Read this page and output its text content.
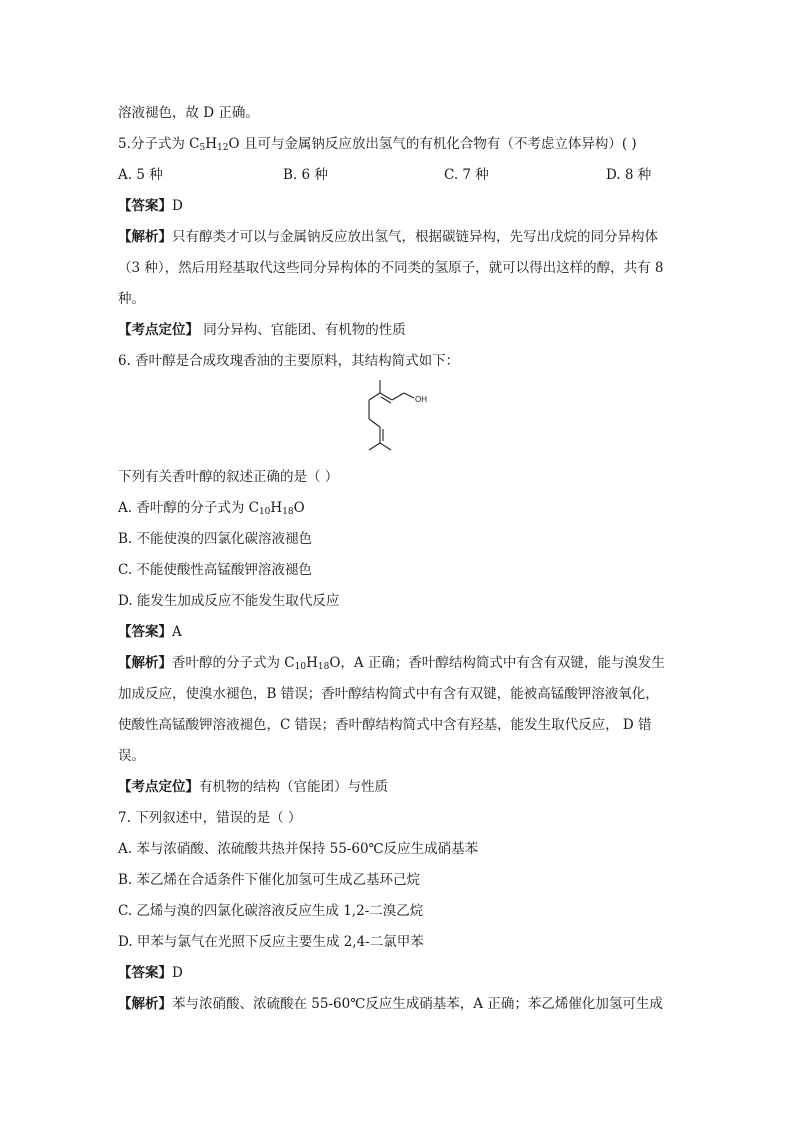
溶液褪色，故 D 正确。
5.分子式为 $C_5H_{12}O$ 且可与金属钠反应放出氢气的有机化合物有（不考虑立体异构）( )
A. 5 种	B. 6 种	C. 7 种	D. 8 种
【答案】D
【解析】只有醇类才可以与金属钠反应放出氢气，根据碳链异构，先写出戊烷的同分异构体
（3 种），然后用羟基取代这些同分异构体的不同类的氢原子，就可以得出这样的醇，共有 8
种。
【考点定位】 同分异构、官能团、有机物的性质
6. 香叶醇是合成玫瑰香油的主要原料，其结构简式如下：
OH
下列有关香叶醇的叙述正确的是（ ）
A. 香叶醇的分子式为 $C_{10}H_{18}O$
B. 不能使溴的四氯化碳溶液褪色
C. 不能使酸性高锰酸钾溶液褪色
D. 能发生加成反应不能发生取代反应
【答案】A
【解析】香叶醇的分子式为 $C_{10}H_{18}O$，A 正确；香叶醇结构简式中有含有双键，能与溴发生
加成反应，使溴水褪色，B 错误；香叶醇结构简式中有含有双键，能被高锰酸钾溶液氧化，
使酸性高锰酸钾溶液褪色，C 错误；香叶醇结构简式中含有羟基，能发生取代反应， D 错
误。
【考点定位】有机物的结构（官能团）与性质
7. 下列叙述中，错误的是（ ）
A. 苯与浓硝酸、浓硫酸共热并保持 55-60℃反应生成硝基苯
B. 苯乙烯在合适条件下催化加氢可生成乙基环己烷
C. 乙烯与溴的四氯化碳溶液反应生成 1,2-二溴乙烷
D. 甲苯与氯气在光照下反应主要生成 2,4-二氯甲苯
【答案】D
【解析】苯与浓硝酸、浓硫酸在 55-60℃反应生成硝基苯，A 正确；苯乙烯催化加氢可生成
